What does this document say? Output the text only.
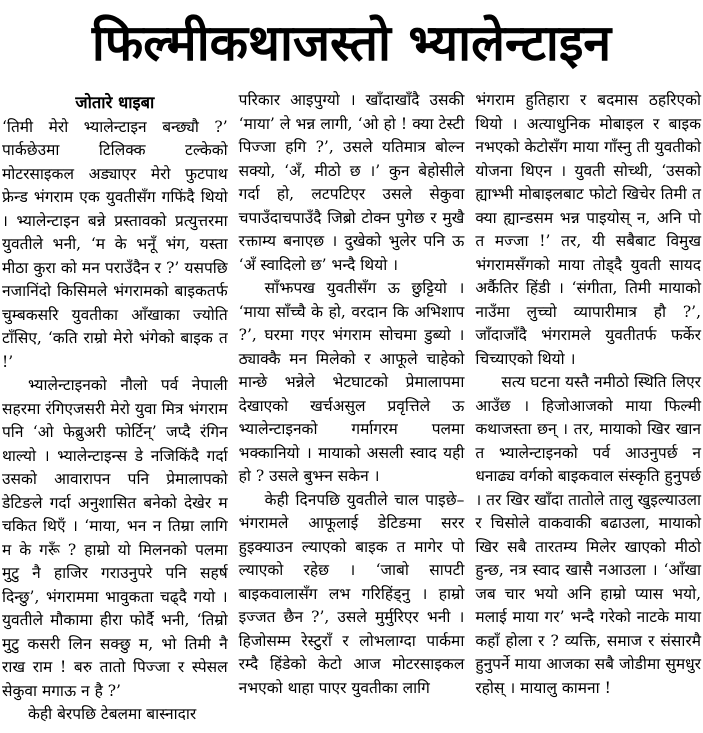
फिल्मीकथाजस्तो भ्यालेन्टाइन
जोतारे धाइबा

‘तिमी मेरो भ्यालेन्टाइन बन्छ्यौ ?’ पार्कछेउमा टिलिक्क टल्केको मोटरसाइकल अड्याएर मेरो फुटपाथ फ्रेन्ड भंगराम एक युवतीसँग गफिंदै थियो । भ्यालेन्टाइन बन्ने प्रस्तावको प्रत्युत्तरमा युवतीले भनी, ‘म के भनूँ भंग, यस्ता मीठा कुरा को मन पराउँदैन र ?’ यसपछि नजानिंदो किसिमले भंगरामको बाइकतर्फ चुम्बकसरि युवतीका आँखाका ज्योति टाँसिए, ‘कति राम्रो मेरो भंगेको बाइक त !’

भ्यालेन्टाइनको नौलो पर्व नेपाली सहरमा रंगिएजसरी मेरो युवा मित्र भंगराम पनि ‘ओ फेब्रुअरी फोर्टिन्’ जप्दै रंगिन थाल्यो । भ्यालेन्टाइन्स डे नजिकिंदै गर्दा उसको आवारापन पनि प्रेमालापको डेटिङले गर्दा अनुशासित बनेको देखेर म चकित थिएँ । ‘माया, भन न तिम्रा लागि म के गरूँ ? हाम्रो यो मिलनको पलमा मुटु नै हाजिर गराउनुपरे पनि सहर्ष दिन्छु’, भंगराममा भावुकता चढ्दै गयो । युवतीले मौकामा हीरा फोर्दै भनी, ‘तिम्रो मुटु कसरी लिन सक्छु म, भो तिमी नै राख राम ! बरु तातो पिज्जा र स्पेसल सेकुवा मगाऊ न है ?’

केही बेरपछि टेबलमा बास्नादार

परिकार आइपुग्यो । खाँदाखाँदै उसकी ‘माया’ ले भन्न लागी, ‘ओ हो ! क्या टेस्टी पिज्जा हगि ?’, उसले यतिमात्र बोल्न सक्यो, ‘अँ, मीठो छ ।’ कुन बेहोसीले गर्दा हो, लटपटिएर उसले सेकुवा चपाउँदाचपाउँदै जिब्रो टोक्न पुगेछ र मुखै रक्ताम्य बनाएछ । दुखेको भुलेर पनि ऊ ‘अँ स्वादिलो छ’ भन्दै थियो ।

साँझपख युवतीसँग ऊ छुट्टियो । ‘माया साँच्चै के हो, वरदान कि अभिशाप ?’, घरमा गएर भंगराम सोचमा डुब्यो । ठ्याक्कै मन मिलेको र आफूले चाहेको मान्छे भन्नेले भेटघाटको प्रेमालापमा देखाएको खर्चअसुल प्रवृत्तिले ऊ भ्यालेन्टाइनको गर्मागरम पलमा भक्कानियो । मायाको असली स्वाद यही हो ? उसले बुझ्न सकेन ।

केही दिनपछि युवतीले चाल पाइछे– भंगरामले आफूलाई डेटिङमा सरर हुइक्याउन ल्याएको बाइक त मागेर पो ल्याएको रहेछ । ‘जाबो सापटी बाइकवालासँग लभ गरिहिंड्नु । हाम्रो इज्जत छैन ?’, उसले मुर्मुरिएर भनी । हिजोसम्म रेस्टुराँ र लोभलाग्दा पार्कमा रम्दै हिंडेको केटो आज मोटरसाइकल नभएको थाहा पाएर युवतीका लागि

भंगराम हुतिहारा र बदमास ठहरिएको थियो । अत्याधुनिक मोबाइल र बाइक नभएको केटोसँग माया गाँस्नु ती युवतीको योजना थिएन । युवती सोच्थी, ‘उसको ह्याभ्भी मोबाइलबाट फोटो खिचेर तिमी त क्या ह्यान्डसम भन्न पाइयोस् न, अनि पो त मज्जा !’ तर, यी सबैबाट विमुख भंगरामसँगको माया तोड्दै युवती सायद अर्कैतिर हिंडी । ‘संगीता, तिमी मायाको नाउँमा लुच्चो व्यापारीमात्र हौ ?’, जाँदाजाँदै भंगरामले युवतीतर्फ फर्केर चिच्याएको थियो ।

सत्य घटना यस्तै नमीठो स्थिति लिएर आउँछ । हिजोआजको माया फिल्मी कथाजस्ता छन् । तर, मायाको खिर खान त भ्यालेन्टाइनको पर्व आउनुपर्छ न धनाढ्य वर्गको बाइकवाल संस्कृति हुनुपर्छ । तर खिर खाँदा तातोले तालु खुइल्याउला र चिसोले वाकवाकी बढाउला, मायाको खिर सबै तारतम्य मिलेर खाएको मीठो हुन्छ, नत्र स्वाद खासै नआउला । ‘आँखा जब चार भयो अनि हाम्रो प्यास भयो, मलाई माया गर’ भन्दै गरेको नाटके माया कहाँ होला र ? व्यक्ति, समाज र संसारमै हुनुपर्ने माया आजका सबै जोडीमा सुमधुर रहोस् । मायालु कामना !
